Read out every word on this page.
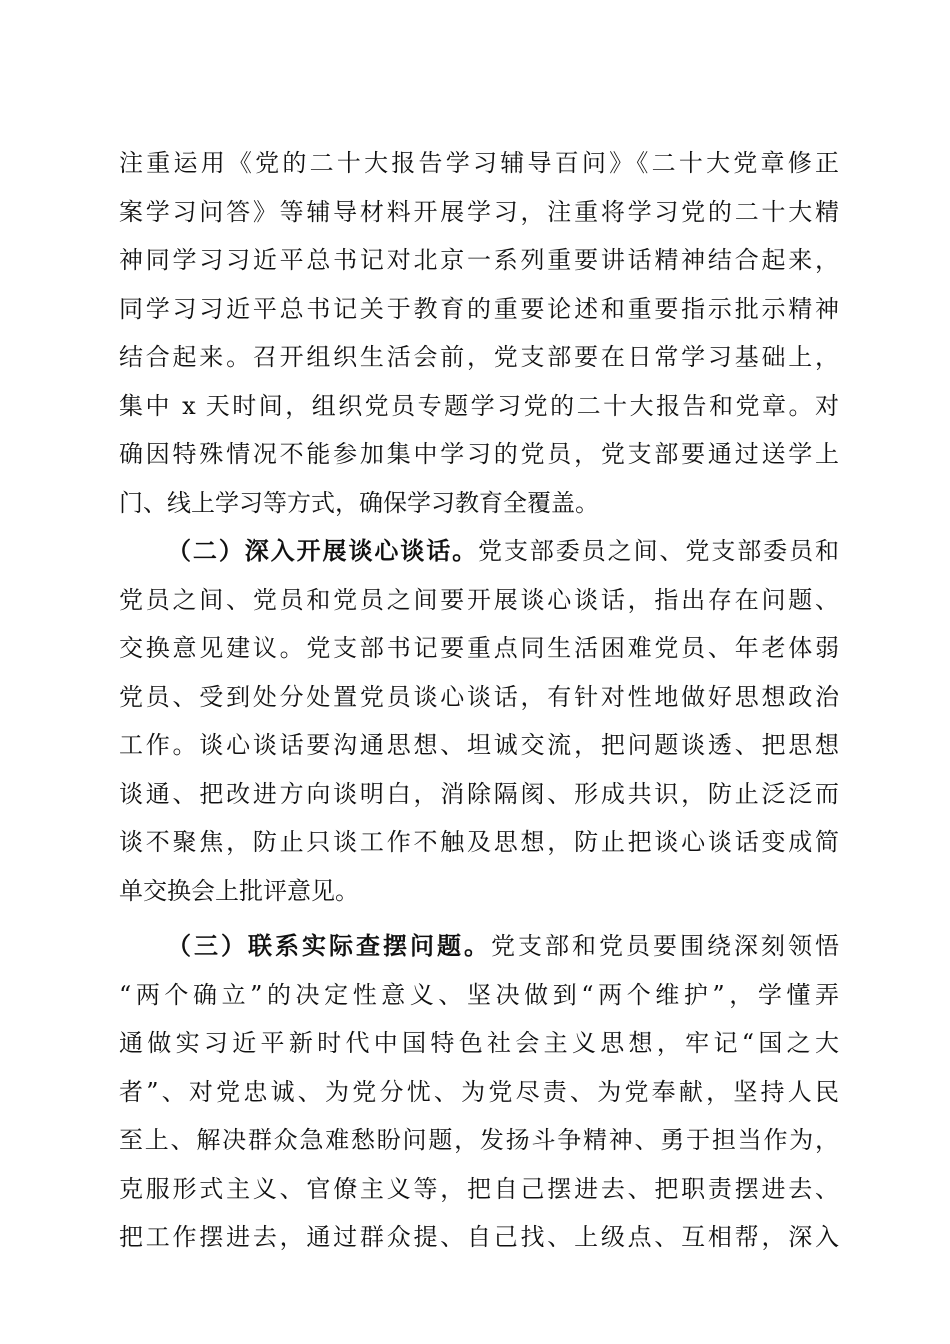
注重运用《党的二十大报告学习辅导百问》《二十大党章修正
案学习问答》等辅导材料开展学习，注重将学习党的二十大精
神同学习习近平总书记对北京一系列重要讲话精神结合起来，
同学习习近平总书记关于教育的重要论述和重要指示批示精神
结合起来。召开组织生活会前，党支部要在日常学习基础上，
集中 x 天时间，组织党员专题学习党的二十大报告和党章。对
确因特殊情况不能参加集中学习的党员，党支部要通过送学上
门、线上学习等方式，确保学习教育全覆盖。
（二）深入开展谈心谈话。党支部委员之间、党支部委员和
党员之间、党员和党员之间要开展谈心谈话，指出存在问题、
交换意见建议。党支部书记要重点同生活困难党员、年老体弱
党员、受到处分处置党员谈心谈话，有针对性地做好思想政治
工作。谈心谈话要沟通思想、坦诚交流，把问题谈透、把思想
谈通、把改进方向谈明白，消除隔阂、形成共识，防止泛泛而
谈不聚焦，防止只谈工作不触及思想，防止把谈心谈话变成简
单交换会上批评意见。
（三）联系实际查摆问题。党支部和党员要围绕深刻领悟
“两个确立”的决定性意义、坚决做到“两个维护”，学懂弄
通做实习近平新时代中国特色社会主义思想，牢记“国之大
者”、对党忠诚、为党分忧、为党尽责、为党奉献，坚持人民
至上、解决群众急难愁盼问题，发扬斗争精神、勇于担当作为，
克服形式主义、官僚主义等，把自己摆进去、把职责摆进去、
把工作摆进去，通过群众提、自己找、上级点、互相帮，深入
